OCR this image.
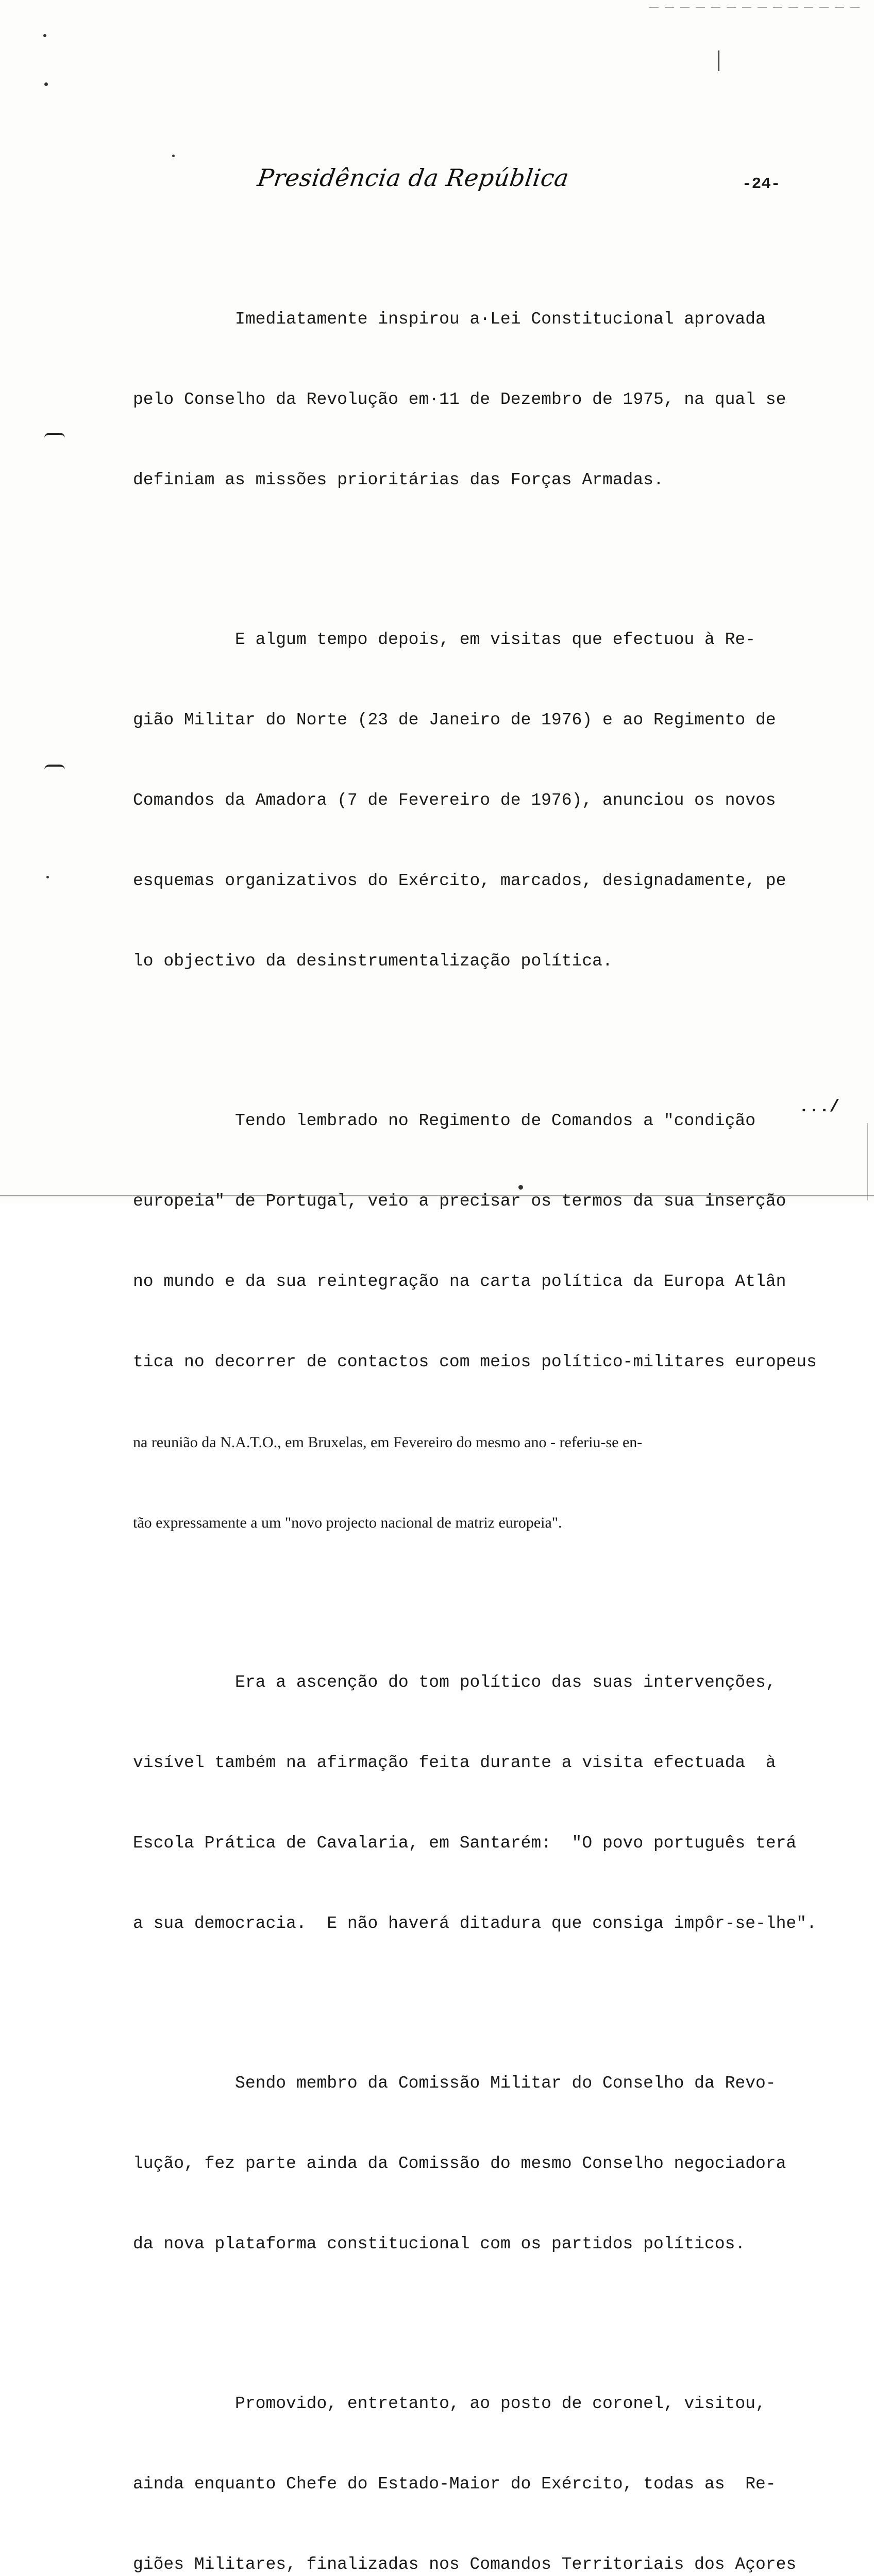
Presidência da República	-24-

Imediatamente inspirou a·Lei Constitucional aprovada

pelo Conselho da Revolução em·11 de Dezembro de 1975, na qual se

definiam as missões prioritárias das Forças Armadas.

E algum tempo depois, em visitas que efectuou à Re-

gião Militar do Norte (23 de Janeiro de 1976) e ao Regimento de

Comandos da Amadora (7 de Fevereiro de 1976), anunciou os novos

esquemas organizativos do Exército, marcados, designadamente, pe

lo objectivo da desinstrumentalização política.

Tendo lembrado no Regimento de Comandos a "condição

europeia" de Portugal, veio a precisar os termos da sua inserção

no mundo e da sua reintegração na carta política da Europa Atlân

tica no decorrer de contactos com meios político-militares europeus

na reunião da N.A.T.O., em Bruxelas, em Fevereiro do mesmo ano - referiu-se en-

tão expressamente a um "novo projecto nacional de matriz europeia".

Era a ascenção do tom político das suas intervenções,

visível também na afirmação feita durante a visita efectuada  à

Escola Prática de Cavalaria, em Santarém:  "O povo português terá

a sua democracia.  E não haverá ditadura que consiga impôr-se-lhe".

Sendo membro da Comissão Militar do Conselho da Revo-

lução, fez parte ainda da Comissão do mesmo Conselho negociadora

da nova plataforma constitucional com os partidos políticos.

Promovido, entretanto, ao posto de coronel, visitou,

ainda enquanto Chefe do Estado-Maior do Exército, todas as  Re-

giões Militares, finalizadas nos Comandos Territoriais dos Açores

.../
